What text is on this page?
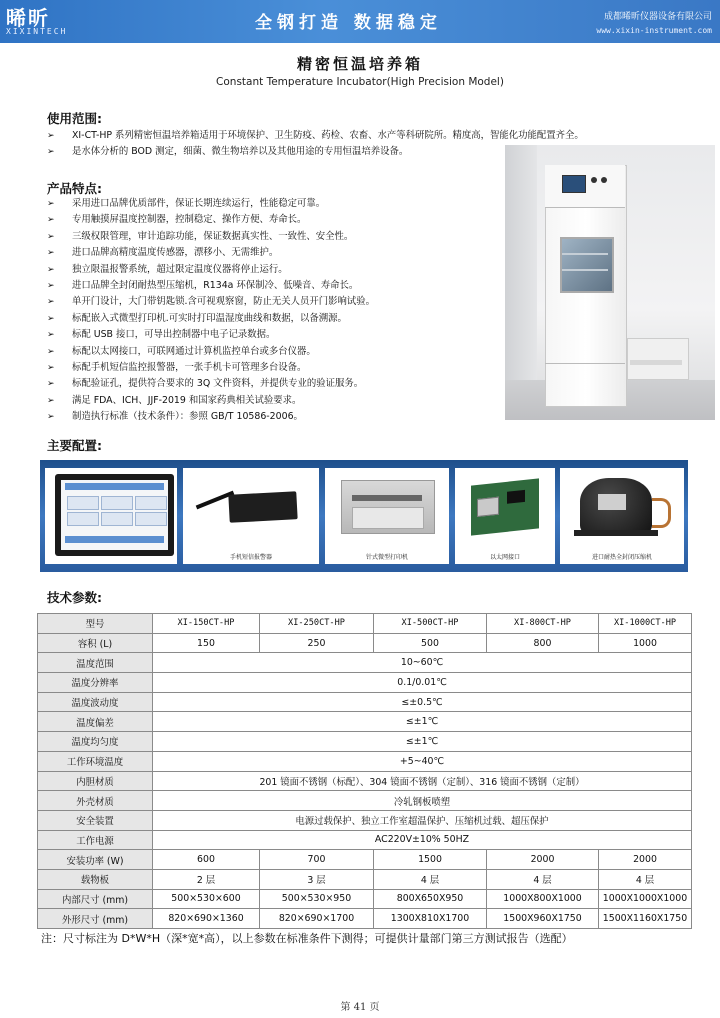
晞昕
XIXINTECH	全钢打造 数据稳定	成都晞昕仪器设备有限公司
www.xixin-instrument.com
精密恒温培养箱
Constant Temperature Incubator(High Precision Model)
使用范围:
➢ XI-CT-HP 系列精密恒温培养箱适用于环境保护、卫生防疫、药检、农畜、水产等科研院所。精度高，智能化功能配置齐全。
➢ 是水体分析的 BOD 测定，细菌、微生物培养以及其他用途的专用恒温培养设备。
产品特点:
➢ 采用进口品牌优质部件，保证长期连续运行，性能稳定可靠。
➢ 专用触摸屏温度控制器，控制稳定、操作方便、寿命长。
➢ 三级权限管理，审计追踪功能，保证数据真实性、一致性、安全性。
➢ 进口品牌高精度温度传感器，漂移小、无需维护。
➢ 独立限温报警系统，超过限定温度仪器将停止运行。
➢ 进口品牌全封闭耐热型压缩机，R134a 环保制冷、低噪音、寿命长。
➢ 单开门设计，大门带钥匙锁.含可视观察窗，防止无关人员开门影响试验。
➢ 标配嵌入式微型打印机.可实时打印温湿度曲线和数据，以备溯源。
➢ 标配 USB 接口，可导出控制器中电子记录数据。
➢ 标配以太网接口，可联网通过计算机监控单台或多台仪器。
➢ 标配手机短信监控报警器，一张手机卡可管理多台设备。
➢ 标配验证孔，提供符合要求的 3Q 文件资料，并提供专业的验证服务。
➢ 满足 FDA、ICH、JJF-2019 和国家药典相关试验要求。
➢ 制造执行标准（技术条件）：参照 GB/T 10586-2006。
主要配置:
手机短信报警器	针式微型打印机	以太网接口	进口耐热全封闭压缩机
技术参数:
型号	XI-150CT-HP	XI-250CT-HP	XI-500CT-HP	XI-800CT-HP	XI-1000CT-HP
容积 (L)	150	250	500	800	1000
温度范围	10~60℃				
温度分辨率	0.1/0.01℃				
温度波动度	≤±0.5℃				
温度偏差	≤±1℃				
温度均匀度	≤±1℃				
工作环境温度	+5~40℃				
内胆材质	201 镜面不锈钢（标配）、304 镜面不锈钢（定制）、316 镜面不锈钢（定制）				
外壳材质	冷轧钢板喷塑				
安全装置	电源过载保护、独立工作室超温保护、压缩机过载、超压保护				
工作电源	AC220V±10% 50HZ				
安装功率 (W)	600	700	1500	2000	2000
载物板	2 层	3 层	4 层	4 层	4 层
内部尺寸 (mm)	500×530×600	500×530×950	800X650X950	1000X800X1000	1000X1000X1000
外形尺寸 (mm)	820×690×1360	820×690×1700	1300X810X1700	1500X960X1750	1500X1160X1750
注：尺寸标注为 D*W*H（深*宽*高），以上参数在标准条件下测得；可提供计量部门第三方测试报告（选配）
第 41 页
